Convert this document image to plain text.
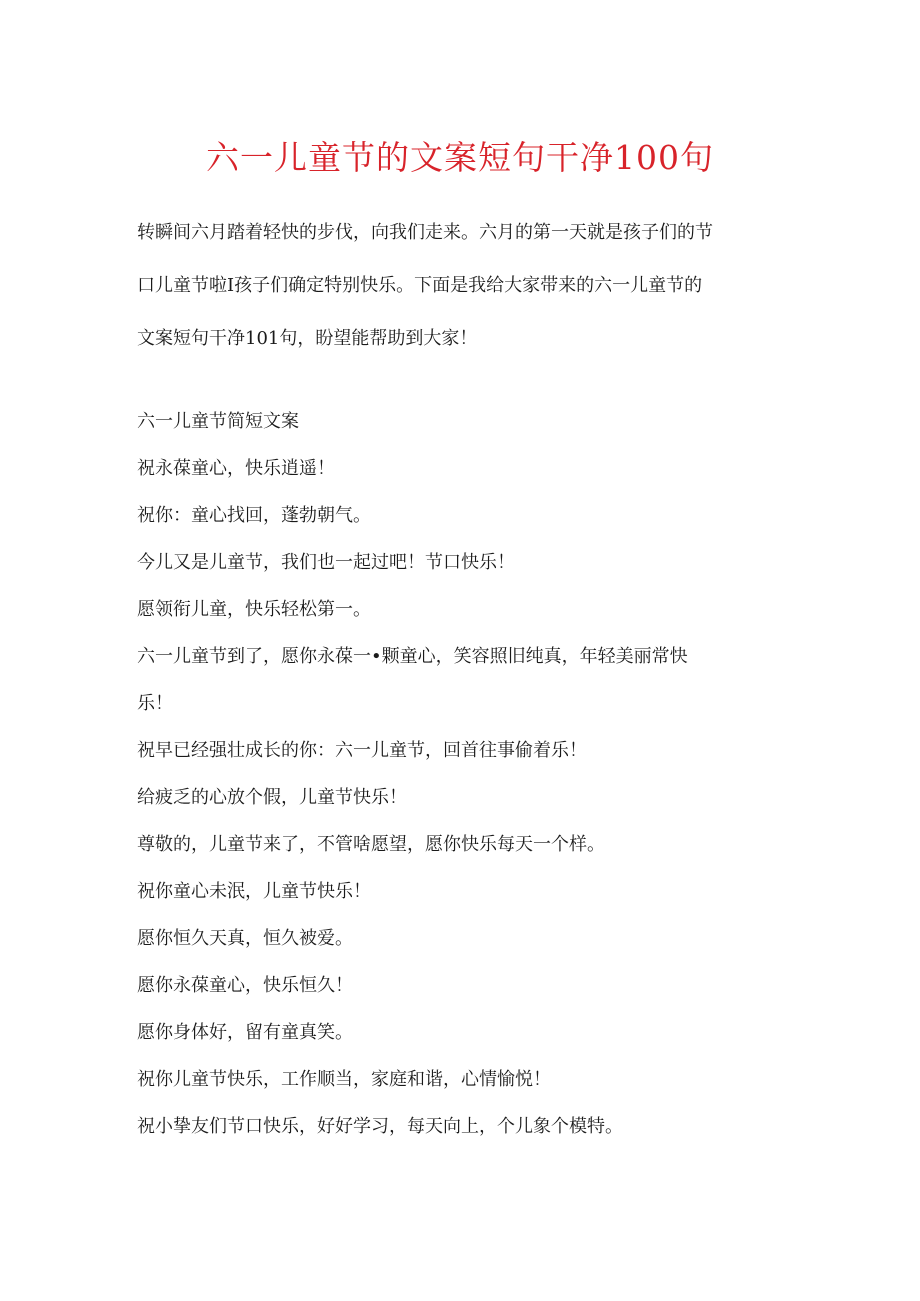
六一儿童节的文案短句干净100句

转瞬间六月踏着轻快的步伐，向我们走来。六月的第一天就是孩子们的节
口儿童节啦I孩子们确定特别快乐。下面是我给大家带来的六一儿童节的
文案短句干净101句，盼望能帮助到大家！

六一儿童节简短文案
祝永葆童心，快乐逍遥！
祝你：童心找回，蓬勃朝气。
今儿又是儿童节，我们也一起过吧！节口快乐！
愿领衔儿童，快乐轻松第一。
六一儿童节到了，愿你永葆一•颗童心，笑容照旧纯真，年轻美丽常快
乐！
祝早已经强壮成长的你：六一儿童节，回首往事偷着乐！
给疲乏的心放个假，儿童节快乐！
尊敬的，儿童节来了，不管啥愿望，愿你快乐每天一个样。
祝你童心未泯，儿童节快乐！
愿你恒久天真，恒久被爱。
愿你永葆童心，快乐恒久！
愿你身体好，留有童真笑。
祝你儿童节快乐，工作顺当，家庭和谐，心情愉悦！
祝小挚友们节口快乐，好好学习，每天向上，个儿象个模特。
